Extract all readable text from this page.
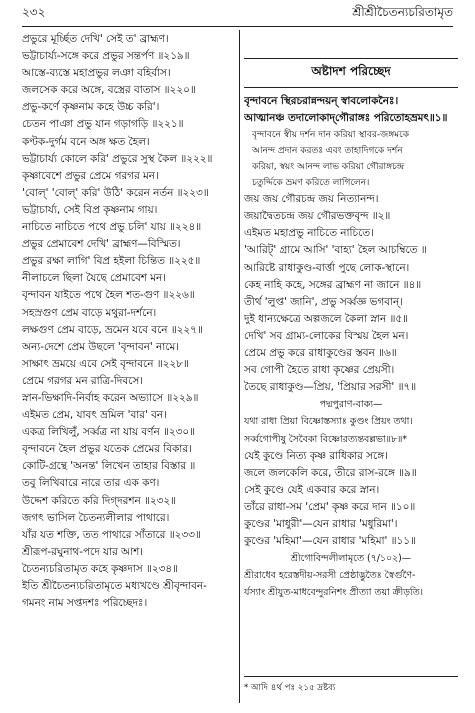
২৩২	শ্রীশ্রীচৈতন্যচরিতামৃত
প্রভুরে মূর্চ্ছিত দেখি' সেই ত' ব্রাহ্মণ।
ভট্টাচার্য্য-সঙ্গে করে প্রভুর সন্তর্পণ ॥২১৯॥
আস্তে-ব্যস্তে মহাপ্রভুর লঞা বহির্বাস।
জলসেক করে অঙ্গে, বস্ত্রের বাতাস ॥২২০॥
প্রভু-কর্ণে কৃষ্ণনাম কহে উচ্চ করি'।
চেতন পাঞা প্রভু যান গড়াগড়ি ॥২২১॥
কণ্টক-দুর্গম বনে অঙ্গ ক্ষত হৈল।
ভট্টাচার্য্য কোলে করি' প্রভুরে সুস্থ কৈল ॥২২২॥
কৃষ্ণাবেশে প্রভুর প্রেমে গরগর মন।
'বোল্' 'বোল্' করি' উঠি' করেন নর্তন ॥২২৩॥
ভট্টাচার্য্য, সেই বিপ্র কৃষ্ণনাম গায়।
নাচিতে নাচিতে পথে প্রভু চলি' যায় ॥২২৪॥
প্রভুর প্রেমাবেশ দেখি' ব্রাহ্মণ—বিস্মিত।
প্রভুর রক্ষা লাগি' বিপ্র হইলা চিন্তিত ॥২২৫॥
নীলাচলে ছিলা যৈছে প্রেমাবেশ মন।
বৃন্দাবন যাইতে পথে হৈল শত-গুণ ॥২২৬॥
সহস্রগুণ প্রেম বাড়ে মথুরা-দর্শনে।
লক্ষগুণ প্রেম বাড়ে, ভ্রমেন যবে বনে ॥২২৭॥
অন্য-দেশে প্রেম উছলে 'বৃন্দাবন' নামে।
সাক্ষাৎ ভ্রময়ে এবে সেই বৃন্দাবনে ॥২২৮॥
প্রেমে গরগর মন রাত্রি-দিবসে।
স্নান-ভিক্ষাদি-নির্বাহ করেন অভ্যাসে ॥২২৯॥
এইমত প্রেম, যাবৎ ভ্রমিল 'বার' বন।
একত্র লিখিলুঁ, সর্ব্বত্র না যায় বর্ণন ॥২৩০॥
বৃন্দাবনে হৈল প্রভুর যতেক প্রেমের বিকার।
কোটি-গ্রন্থে 'অনন্ত' লিখেন তাহার বিস্তার ॥
তবু লিখিবারে নারে তার এক কণ।
উদ্দেশ করিতে করি দিগ্‌দরশন ॥২৩২॥
জগৎ ভাসিল চৈতন্যলীলার পাথারে।
যাঁর যত শক্তি, তত পাথারে সাঁতারে ॥২৩৩॥
শ্রীরূপ-রঘুনাথ-পদে যার আশ।
চৈতন্যচরিতামৃত কহে কৃষ্ণদাস ॥২৩৪॥
ইতি শ্রীচৈতন্যচরিতামৃতে মধ্যখণ্ডে শ্রীবৃন্দাবন-
গমনং নাম সপ্তদশঃ পরিচ্ছেদঃ।
অষ্টাদশ পরিচ্ছেদ
বৃন্দাবনে স্থিরচরান্নন্দয়ন্ স্বাবলোকনৈঃ।
আত্মানঞ্চ তদালোকাদ্‌গৌরাঙ্গঃ পরিতোহভ্রমৎ॥১॥
বৃন্দাবনে স্বীয় দর্শন দান করিয়া স্থাবর-জঙ্গমকে
আনন্দ প্রদান করতঃ এবং তাহাদিগকে দর্শন
করিয়া, স্বয়ং আনন্দ লাভ করিয়া গৌরাঙ্গচন্দ্র
চতুর্দ্দিকে ভ্রমণ করিতে লাগিলেন।
জয় জয় গৌরচন্দ্র জয় নিত্যানন্দ।
জয়াদ্বৈতচন্দ্র জয় গৌরভক্তবৃন্দ ॥২॥
এইমত মহাপ্রভু নাচিতে নাচিতে।
'আরিট্' গ্রামে আসি' 'বাহ্য' হৈল আচম্বিতে ॥
আরিষ্টে রাধাকুণ্ড-বার্ত্তা পুছে লোক-স্থানে।
কেহ নাহি কহে, সঙ্গের ব্রাহ্মণ না জানে ॥৪॥
তীর্থ 'লুপ্ত' জানি', প্রভু সর্ব্বজ্ঞ ভগবান্।
দুই ধান্যক্ষেত্রে অল্পজলে কৈলা স্নান ॥৫॥
দেখি' সব গ্রাম্য-লোকের বিস্ময় হৈল মন।
প্রেমে প্রভু করে রাধাকুণ্ডের স্তবন ॥৬॥
সব গোপী হৈতে রাধা কৃষ্ণের প্রেয়সী।
তৈছে রাধাকুণ্ড—প্রিয়, 'প্রিয়ার সরসী' ॥৭॥
পদ্মপুরাণ-বাক্য—
যথা রাধা প্রিয়া বিষ্ণোস্তস্যাঃ কুণ্ডং প্রিয়ং তথা।
সর্ব্বগোপীষু সৈবৈকা বিষ্ণোরত্যন্তবল্লভা॥৮॥*
যেই কুণ্ডে নিত্য কৃষ্ণ রাধিকার সঙ্গে।
জলে জলকেলি করে, তীরে রাস-রঙ্গে ॥৯॥
সেই কুণ্ডে যেই একবার করে স্নান।
তাঁরে রাধা-সম 'প্রেম' কৃষ্ণ করে দান ॥১০॥
কুণ্ডের 'মাধুরী'—যেন রাধার 'মধুরিমা'।
কুণ্ডের 'মহিমা'—যেন রাধার 'মহিমা' ॥১১॥
শ্রীগোবিন্দলীলামৃতে (৭/১০২)—
শ্রীরাধেব হরেস্তদীয়-সরসী প্রেষ্ঠাদ্ভুতৈঃ স্বৈর্গুণৈ-
র্যস্যাং শ্রীযুত-মাধবেন্দুরনিশং প্রীত্যা তয়া ক্রীড়তি।
* আদি ৪র্থ পঃ ২১৫ দ্রষ্টব্য
